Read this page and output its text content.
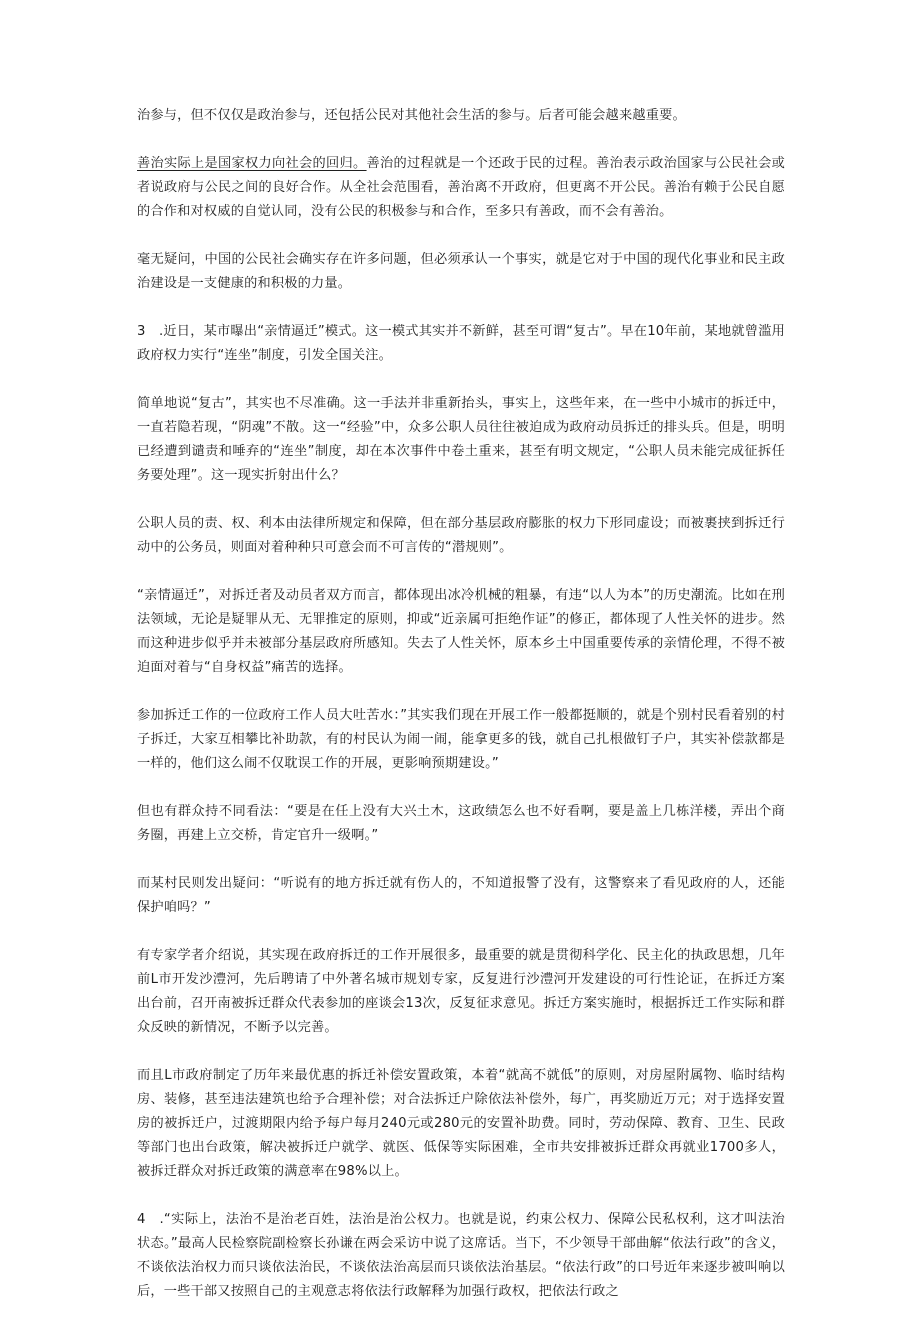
治参与，但不仅仅是政治参与，还包括公民对其他社会生活的参与。后者可能会越来越重要。

善治实际上是国家权力向社会的回归。善治的过程就是一个还政于民的过程。善治表示政治国家与公民社会或者说政府与公民之间的良好合作。从全社会范围看，善治离不开政府，但更离不开公民。善治有赖于公民自愿的合作和对权威的自觉认同，没有公民的积极参与和合作，至多只有善政，而不会有善治。

毫无疑问，中国的公民社会确实存在许多问题，但必须承认一个事实，就是它对于中国的现代化事业和民主政治建设是一支健康的和积极的力量。

3　.近日，某市曝出“亲情逼迁”模式。这一模式其实并不新鲜，甚至可谓“复古”。早在10年前，某地就曾滥用政府权力实行“连坐”制度，引发全国关注。

简单地说“复古”，其实也不尽准确。这一手法并非重新抬头，事实上，这些年来，在一些中小城市的拆迁中，一直若隐若现，“阴魂”不散。这一“经验”中，众多公职人员往往被迫成为政府动员拆迁的排头兵。但是，明明已经遭到谴责和唾弃的“连坐”制度，却在本次事件中卷土重来，甚至有明文规定，“公职人员未能完成征拆任务要处理”。这一现实折射出什么？

公职人员的责、权、利本由法律所规定和保障，但在部分基层政府膨胀的权力下形同虚设；而被裹挟到拆迁行动中的公务员，则面对着种种只可意会而不可言传的“潜规则”。

“亲情逼迁”，对拆迁者及动员者双方而言，都体现出冰冷机械的粗暴，有违“以人为本”的历史潮流。比如在刑法领域，无论是疑罪从无、无罪推定的原则，抑或“近亲属可拒绝作证”的修正，都体现了人性关怀的进步。然而这种进步似乎并未被部分基层政府所感知。失去了人性关怀，原本乡土中国重要传承的亲情伦理，不得不被迫面对着与“自身权益”痛苦的选择。

参加拆迁工作的一位政府工作人员大吐苦水：”其实我们现在开展工作一般都挺顺的，就是个别村民看着别的村子拆迁，大家互相攀比补助款，有的村民认为闹一闹，能拿更多的钱，就自己扎根做钉子户，其实补偿款都是一样的，他们这么闹不仅耽误工作的开展，更影响预期建设。”

但也有群众持不同看法：“要是在任上没有大兴土木，这政绩怎么也不好看啊，要是盖上几栋洋楼，弄出个商务圈，再建上立交桥，肯定官升一级啊。”

而某村民则发出疑问：“听说有的地方拆迁就有伤人的，不知道报警了没有，这警察来了看见政府的人，还能保护咱吗？”

有专家学者介绍说，其实现在政府拆迁的工作开展很多，最重要的就是贯彻科学化、民主化的执政思想，几年前L市开发沙澧河，先后聘请了中外著名城市规划专家，反复进行沙澧河开发建设的可行性论证，在拆迁方案出台前，召开南被拆迁群众代表参加的座谈会13次，反复征求意见。拆迁方案实施时，根据拆迁工作实际和群众反映的新情况，不断予以完善。

而且L市政府制定了历年来最优惠的拆迁补偿安置政策，本着“就高不就低”的原则，对房屋附属物、临时结构房、装修，甚至违法建筑也给予合理补偿；对合法拆迁户除依法补偿外，每广，再奖励近万元；对于选择安置房的被拆迁户，过渡期限内给予每户每月240元或280元的安置补助费。同时，劳动保障、教育、卫生、民政等部门也出台政策，解决被拆迁户就学、就医、低保等实际困难，全市共安排被拆迁群众再就业1700多人，被拆迁群众对拆迁政策的满意率在98%以上。

4　.“实际上，法治不是治老百姓，法治是治公权力。也就是说，约束公权力、保障公民私权利，这才叫法治状态。”最高人民检察院副检察长孙谦在两会采访中说了这席话。当下，不少领导干部曲解“依法行政”的含义，不谈依法治权力而只谈依法治民，不谈依法治高层而只谈依法治基层。“依法行政”的口号近年来逐步被叫响以后，一些干部又按照自己的主观意志将依法行政解释为加强行政权，把依法行政之
